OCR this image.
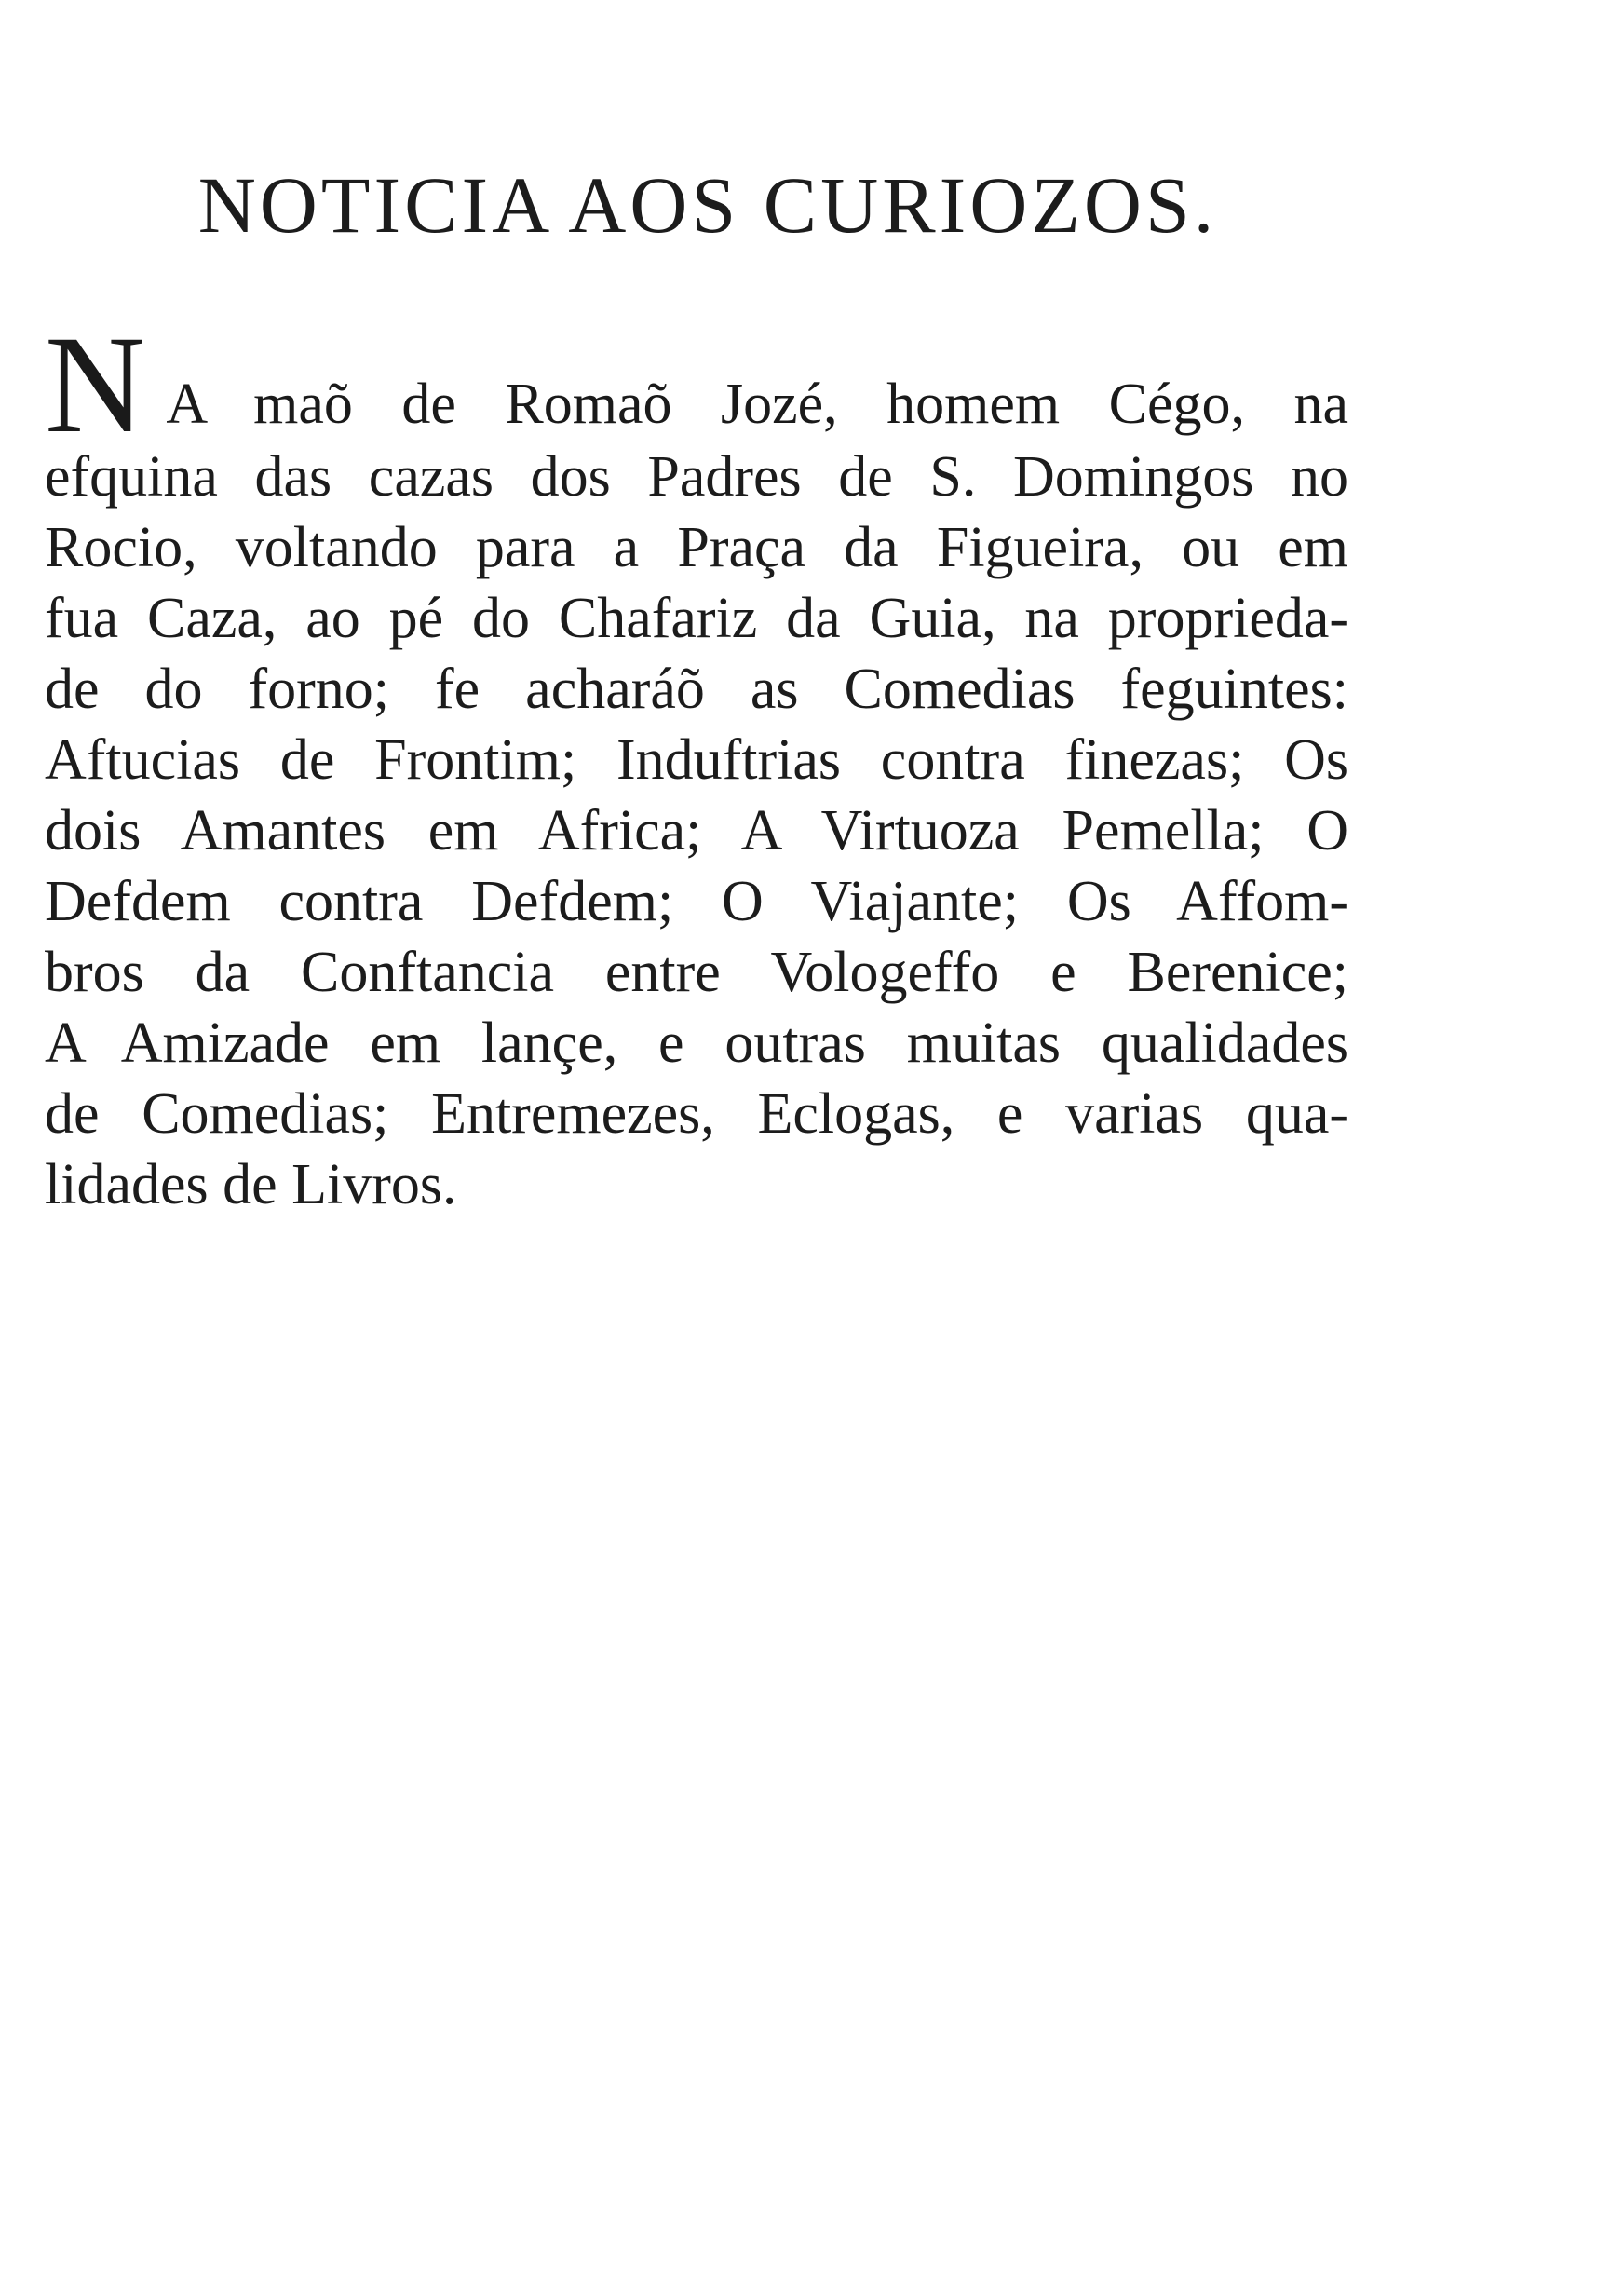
NOTICIA AOS CURIOZOS.
N A maõ de Romaõ Jozé, homem Cégo, na
efquina das cazas dos Padres de S. Domingos no
Rocio, voltando para a Praça da Figueira, ou em
fua Caza, ao pé do Chafariz da Guia, na proprieda-
de do forno; fe acharáõ as Comedias feguintes:
Aftucias de Frontim; Induftrias contra finezas; Os
dois Amantes em Africa; A Virtuoza Pemella; O
Defdem contra Defdem; O Viajante; Os Affom-
bros da Conftancia entre Vologeffo e Berenice;
A Amizade em lançe, e outras muitas qualidades
de Comedias; Entremezes, Eclogas, e varias qua-
lidades de Livros.
